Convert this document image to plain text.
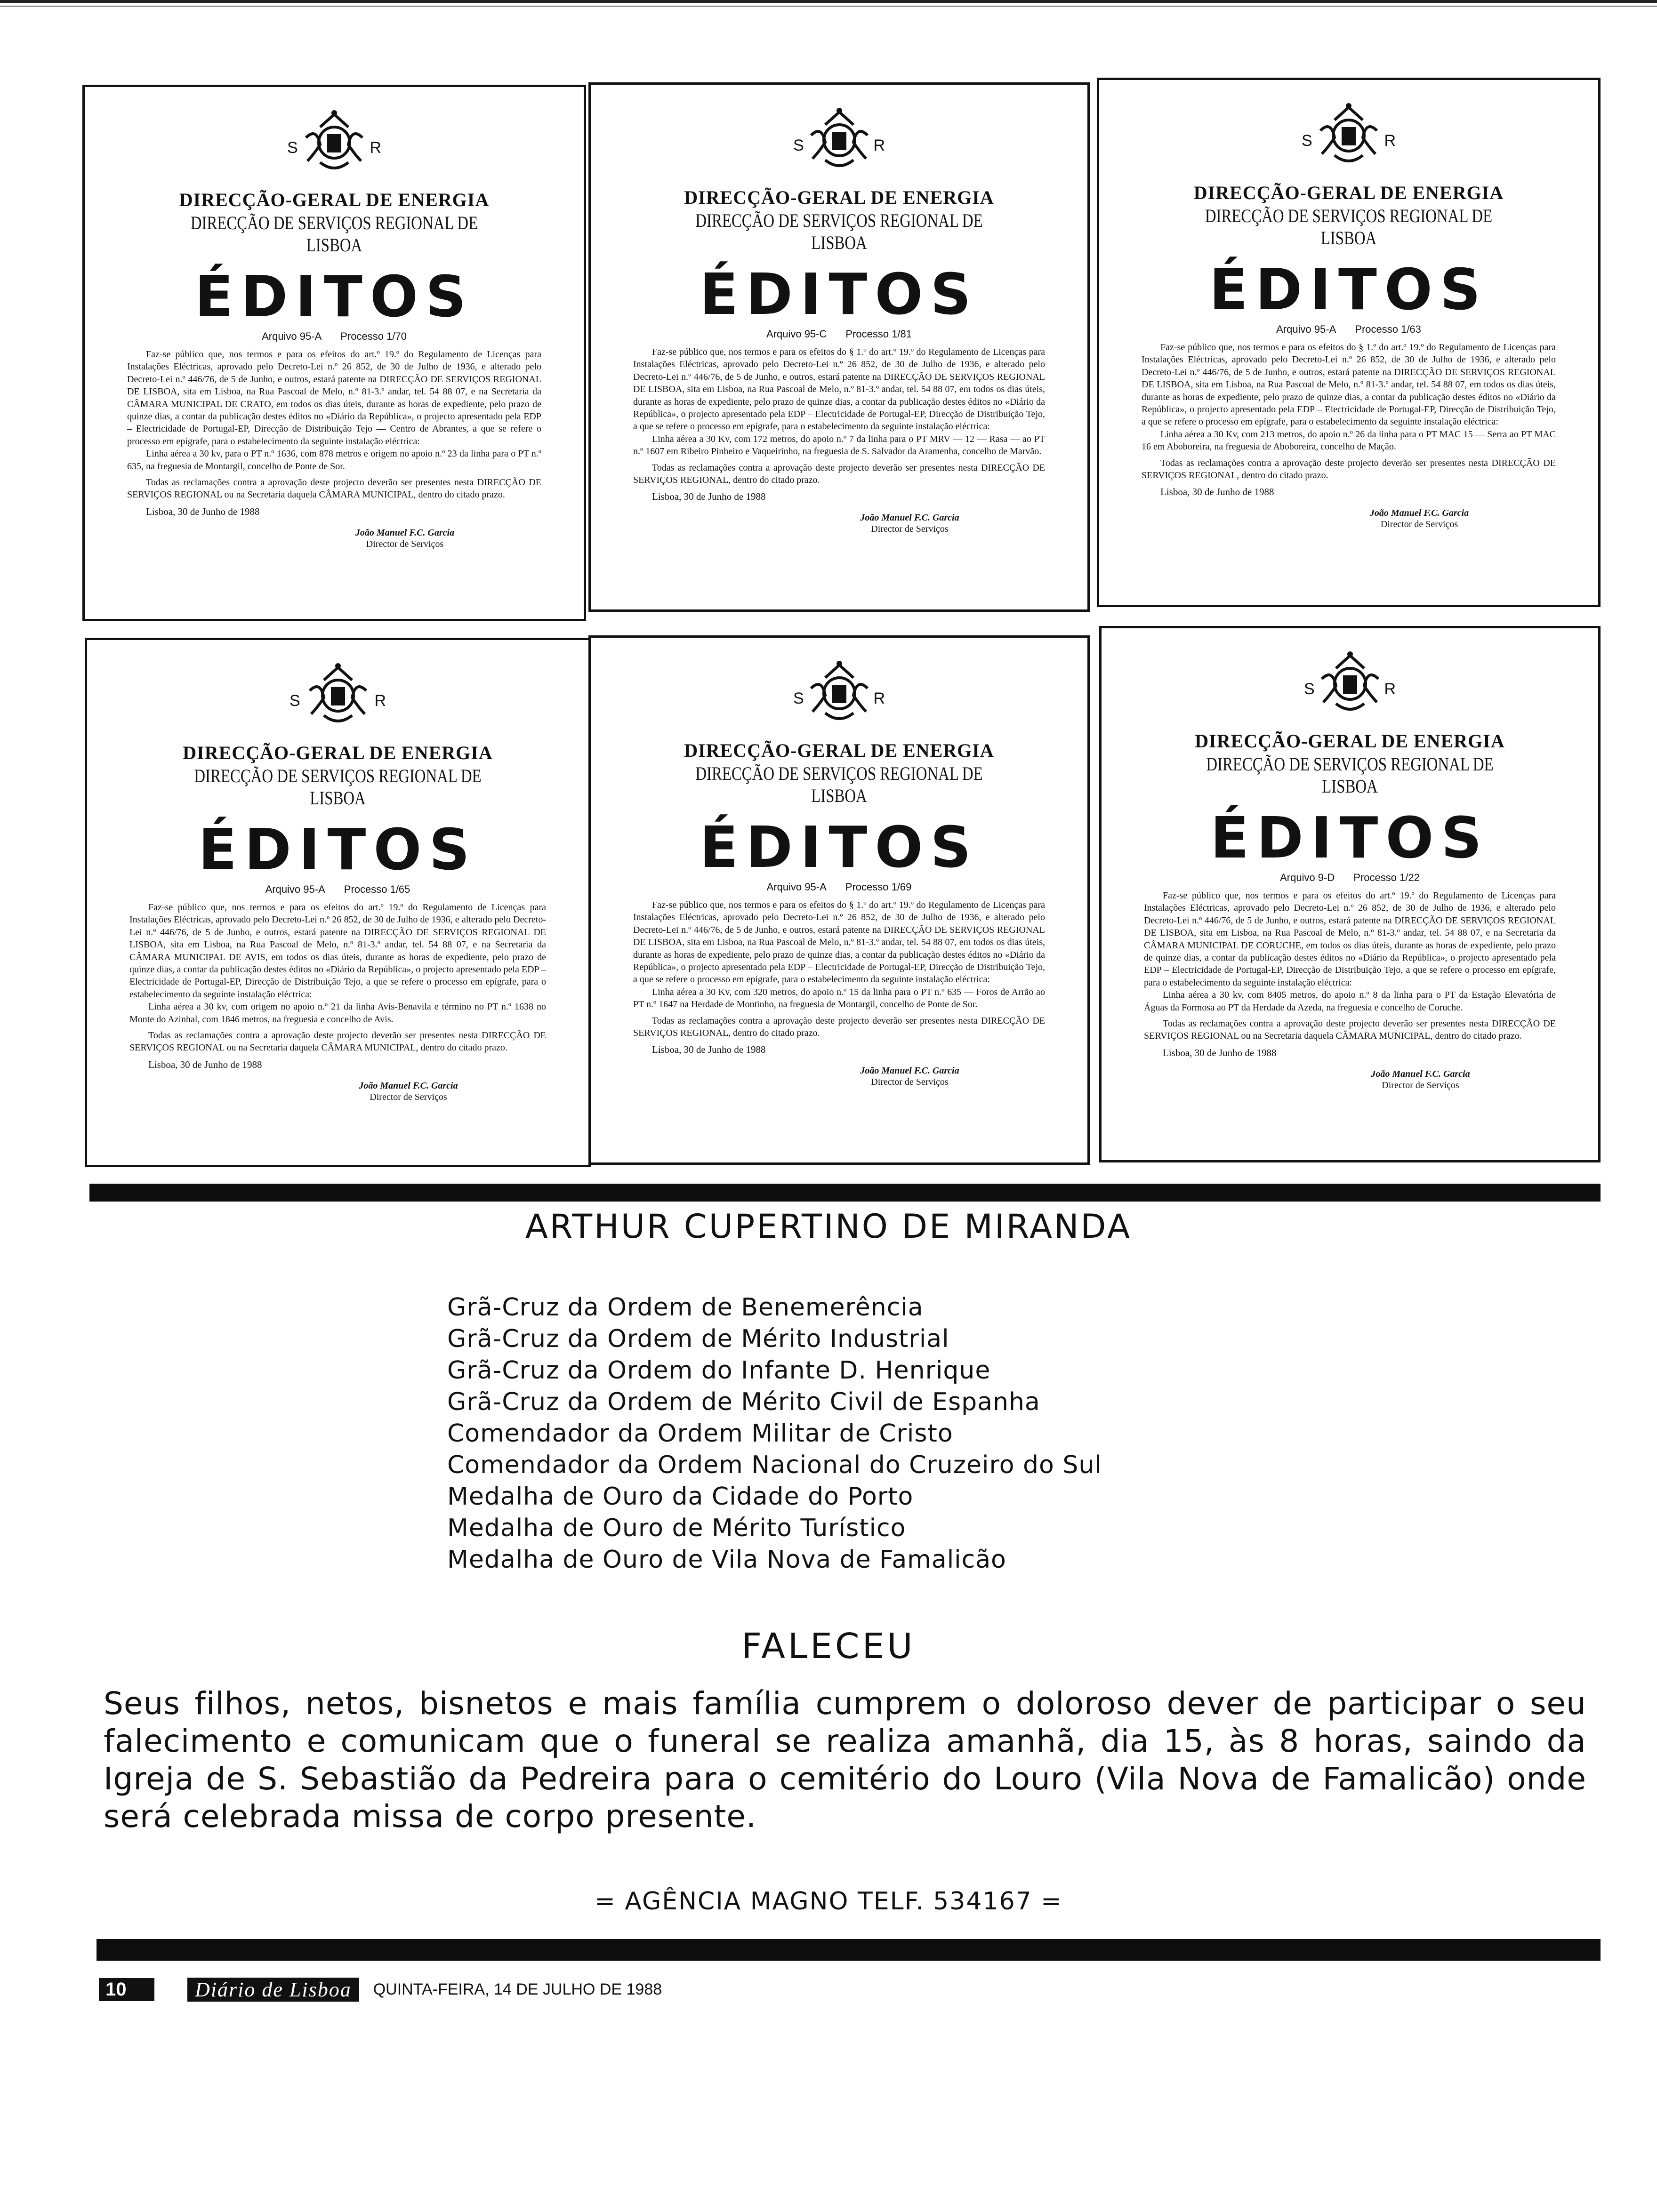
S	R
DIRECÇÃO-GERAL DE ENERGIA
DIRECÇÃO DE SERVIÇOS REGIONAL DE LISBOA
ÉDITOS
Arquivo 95-A Processo 1/70

Faz-se público que, nos termos e para os efeitos do art.º 19.º do Regulamento de Licenças para Instalações Eléctricas, aprovado pelo Decreto-Lei n.º 26 852, de 30 de Julho de 1936, e alterado pelo Decreto-Lei n.º 446/76, de 5 de Junho, e outros, estará patente na DIRECÇÃO DE SERVIÇOS REGIONAL DE LISBOA, sita em Lisboa, na Rua Pascoal de Melo, n.º 81-3.º andar, tel. 54 88 07, e na Secretaria da CÂMARA MUNICIPAL DE CRATO, em todos os dias úteis, durante as horas de expediente, pelo prazo de quinze dias, a contar da publicação destes éditos no «Diário da República», o projecto apresentado pela EDP – Electricidade de Portugal-EP, Direcção de Distribuição Tejo — Centro de Abrantes, a que se refere o processo em epígrafe, para o estabelecimento da seguinte instalação eléctrica:

Linha aérea a 30 kv, para o PT n.º 1636, com 878 metros e origem no apoio n.º 23 da linha para o PT n.º 635, na freguesia de Montargil, concelho de Ponte de Sor.

Todas as reclamações contra a aprovação deste projecto deverão ser presentes nesta DIRECÇÃO DE SERVIÇOS REGIONAL ou na Secretaria daquela CÂMARA MUNICIPAL, dentro do citado prazo.

Lisboa, 30 de Junho de 1988
João Manuel F.C. Garcia
Director de Serviços
S	R
DIRECÇÃO-GERAL DE ENERGIA
DIRECÇÃO DE SERVIÇOS REGIONAL DE LISBOA
ÉDITOS
Arquivo 95-C Processo 1/81

Faz-se público que, nos termos e para os efeitos do § 1.º do art.º 19.º do Regulamento de Licenças para Instalações Eléctricas, aprovado pelo Decreto-Lei n.º 26 852, de 30 de Julho de 1936, e alterado pelo Decreto-Lei n.º 446/76, de 5 de Junho, e outros, estará patente na DIRECÇÃO DE SERVIÇOS REGIONAL DE LISBOA, sita em Lisboa, na Rua Pascoal de Melo, n.º 81-3.º andar, tel. 54 88 07, em todos os dias úteis, durante as horas de expediente, pelo prazo de quinze dias, a contar da publicação destes éditos no «Diário da República», o projecto apresentado pela EDP – Electricidade de Portugal-EP, Direcção de Distribuição Tejo, a que se refere o processo em epígrafe, para o estabelecimento da seguinte instalação eléctrica:

Linha aérea a 30 Kv, com 172 metros, do apoio n.º 7 da linha para o PT MRV — 12 — Rasa — ao PT n.º 1607 em Ribeiro Pinheiro e Vaqueirinho, na freguesia de S. Salvador da Aramenha, concelho de Marvão.

Todas as reclamações contra a aprovação deste projecto deverão ser presentes nesta DIRECÇÃO DE SERVIÇOS REGIONAL, dentro do citado prazo.

Lisboa, 30 de Junho de 1988
João Manuel F.C. Garcia
Director de Serviços
S	R
DIRECÇÃO-GERAL DE ENERGIA
DIRECÇÃO DE SERVIÇOS REGIONAL DE LISBOA
ÉDITOS
Arquivo 95-A Processo 1/63

Faz-se público que, nos termos e para os efeitos do § 1.º do art.º 19.º do Regulamento de Licenças para Instalações Eléctricas, aprovado pelo Decreto-Lei n.º 26 852, de 30 de Julho de 1936, e alterado pelo Decreto-Lei n.º 446/76, de 5 de Junho, e outros, estará patente na DIRECÇÃO DE SERVIÇOS REGIONAL DE LISBOA, sita em Lisboa, na Rua Pascoal de Melo, n.º 81-3.º andar, tel. 54 88 07, em todos os dias úteis, durante as horas de expediente, pelo prazo de quinze dias, a contar da publicação destes éditos no «Diário da República», o projecto apresentado pela EDP – Electricidade de Portugal-EP, Direcção de Distribuição Tejo, a que se refere o processo em epígrafe, para o estabelecimento da seguinte instalação eléctrica:

Linha aérea a 30 Kv, com 213 metros, do apoio n.º 26 da linha para o PT MAC 15 — Serra ao PT MAC 16 em Aboboreira, na freguesia de Aboboreira, concelho de Mação.

Todas as reclamações contra a aprovação deste projecto deverão ser presentes nesta DIRECÇÃO DE SERVIÇOS REGIONAL, dentro do citado prazo.

Lisboa, 30 de Junho de 1988
João Manuel F.C. Garcia
Director de Serviços
S	R
DIRECÇÃO-GERAL DE ENERGIA
DIRECÇÃO DE SERVIÇOS REGIONAL DE LISBOA
ÉDITOS
Arquivo 95-A Processo 1/65

Faz-se público que, nos termos e para os efeitos do art.º 19.º do Regulamento de Licenças para Instalações Eléctricas, aprovado pelo Decreto-Lei n.º 26 852, de 30 de Julho de 1936, e alterado pelo Decreto-Lei n.º 446/76, de 5 de Junho, e outros, estará patente na DIRECÇÃO DE SERVIÇOS REGIONAL DE LISBOA, sita em Lisboa, na Rua Pascoal de Melo, n.º 81-3.º andar, tel. 54 88 07, e na Secretaria da CÂMARA MUNICIPAL DE AVIS, em todos os dias úteis, durante as horas de expediente, pelo prazo de quinze dias, a contar da publicação destes éditos no «Diário da República», o projecto apresentado pela EDP – Electricidade de Portugal-EP, Direcção de Distribuição Tejo, a que se refere o processo em epígrafe, para o estabelecimento da seguinte instalação eléctrica:

Linha aérea a 30 kv, com origem no apoio n.º 21 da linha Avis-Benavila e término no PT n.º 1638 no Monte do Azinhal, com 1846 metros, na freguesia e concelho de Avis.

Todas as reclamações contra a aprovação deste projecto deverão ser presentes nesta DIRECÇÃO DE SERVIÇOS REGIONAL ou na Secretaria daquela CÂMARA MUNICIPAL, dentro do citado prazo.

Lisboa, 30 de Junho de 1988
João Manuel F.C. Garcia
Director de Serviços
S	R
DIRECÇÃO-GERAL DE ENERGIA
DIRECÇÃO DE SERVIÇOS REGIONAL DE LISBOA
ÉDITOS
Arquivo 95-A Processo 1/69

Faz-se público que, nos termos e para os efeitos do § 1.º do art.º 19.º do Regulamento de Licenças para Instalações Eléctricas, aprovado pelo Decreto-Lei n.º 26 852, de 30 de Julho de 1936, e alterado pelo Decreto-Lei n.º 446/76, de 5 de Junho, e outros, estará patente na DIRECÇÃO DE SERVIÇOS REGIONAL DE LISBOA, sita em Lisboa, na Rua Pascoal de Melo, n.º 81-3.º andar, tel. 54 88 07, em todos os dias úteis, durante as horas de expediente, pelo prazo de quinze dias, a contar da publicação destes éditos no «Diário da República», o projecto apresentado pela EDP – Electricidade de Portugal-EP, Direcção de Distribuição Tejo, a que se refere o processo em epígrafe, para o estabelecimento da seguinte instalação eléctrica:

Linha aérea a 30 Kv, com 320 metros, do apoio n.º 15 da linha para o PT n.º 635 — Foros de Arrão ao PT n.º 1647 na Herdade de Montinho, na freguesia de Montargil, concelho de Ponte de Sor.

Todas as reclamações contra a aprovação deste projecto deverão ser presentes nesta DIRECÇÃO DE SERVIÇOS REGIONAL, dentro do citado prazo.

Lisboa, 30 de Junho de 1988
João Manuel F.C. Garcia
Director de Serviços
S	R
DIRECÇÃO-GERAL DE ENERGIA
DIRECÇÃO DE SERVIÇOS REGIONAL DE LISBOA
ÉDITOS
Arquivo 9-D Processo 1/22

Faz-se público que, nos termos e para os efeitos do art.º 19.º do Regulamento de Licenças para Instalações Eléctricas, aprovado pelo Decreto-Lei n.º 26 852, de 30 de Julho de 1936, e alterado pelo Decreto-Lei n.º 446/76, de 5 de Junho, e outros, estará patente na DIRECÇÃO DE SERVIÇOS REGIONAL DE LISBOA, sita em Lisboa, na Rua Pascoal de Melo, n.º 81-3.º andar, tel. 54 88 07, e na Secretaria da CÂMARA MUNICIPAL DE CORUCHE, em todos os dias úteis, durante as horas de expediente, pelo prazo de quinze dias, a contar da publicação destes éditos no «Diário da República», o projecto apresentado pela EDP – Electricidade de Portugal-EP, Direcção de Distribuição Tejo, a que se refere o processo em epígrafe, para o estabelecimento da seguinte instalação eléctrica:

Linha aérea a 30 kv, com 8405 metros, do apoio n.º 8 da linha para o PT da Estação Elevatória de Águas da Formosa ao PT da Herdade da Azeda, na freguesia e concelho de Coruche.

Todas as reclamações contra a aprovação deste projecto deverão ser presentes nesta DIRECÇÃO DE SERVIÇOS REGIONAL ou na Secretaria daquela CÂMARA MUNICIPAL, dentro do citado prazo.

Lisboa, 30 de Junho de 1988
João Manuel F.C. Garcia
Director de Serviços
ARTHUR CUPERTINO DE MIRANDA
Grã-Cruz da Ordem de Benemerência
Grã-Cruz da Ordem de Mérito Industrial
Grã-Cruz da Ordem do Infante D. Henrique
Grã-Cruz da Ordem de Mérito Civil de Espanha
Comendador da Ordem Militar de Cristo
Comendador da Ordem Nacional do Cruzeiro do Sul
Medalha de Ouro da Cidade do Porto
Medalha de Ouro de Mérito Turístico
Medalha de Ouro de Vila Nova de Famalicão
FALECEU
Seus filhos, netos, bisnetos e mais família cumprem o doloroso dever de participar o seu falecimento e comunicam que o funeral se realiza amanhã, dia 15, às 8 horas, saindo da Igreja de S. Sebastião da Pedreira para o cemitério do Louro (Vila Nova de Famalicão) onde será celebrada missa de corpo presente.
= AGÊNCIA MAGNO TELF. 534167 =
10	Diário de Lisboa	QUINTA-FEIRA, 14 DE JULHO DE 1988
